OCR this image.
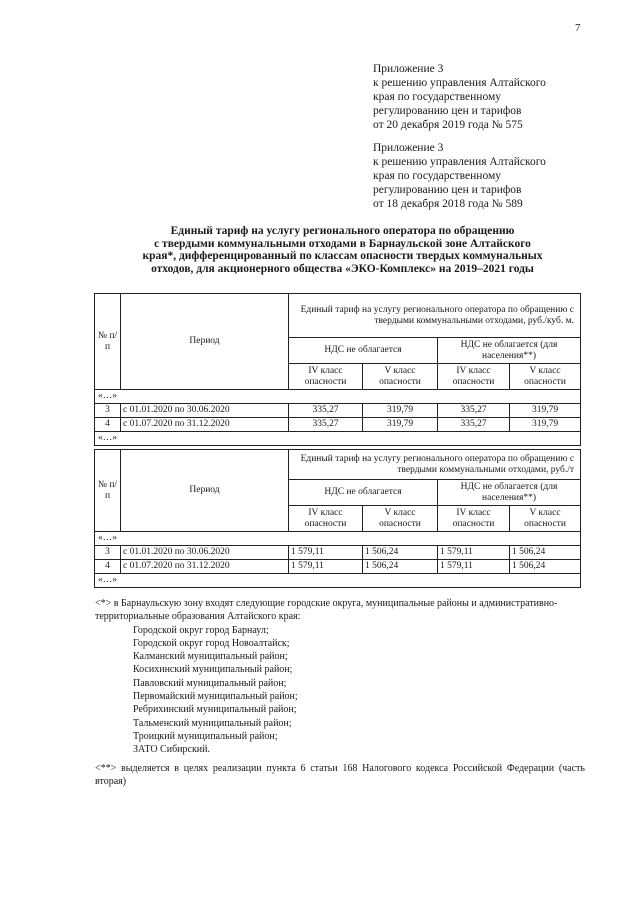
7
Приложение 3
к решению управления Алтайского
края по государственному
регулированию цен и тарифов
от 20 декабря 2019 года № 575
Приложение 3
к решению управления Алтайского
края по государственному
регулированию цен и тарифов
от 18 декабря 2018 года № 589
Единый тариф на услугу регионального оператора по обращению
с твердыми коммунальными отходами в Барнаульской зоне Алтайского
края*, дифференцированный по классам опасности твердых коммунальных
отходов, для акционерного общества «ЭКО-Комплекс» на 2019–2021 годы
№ п/п	Период	Единый тариф на услугу регионального оператора по обращению с твердыми коммунальными отходами, руб./куб. м.			
		НДС не облагается		НДС не облагается (для населения**)	
		IV класс опасности	V класс опасности	IV класс опасности	V класс опасности
«…»					
3	с 01.01.2020 по 30.06.2020	335,27	319,79	335,27	319,79
4	с 01.07.2020 по 31.12.2020	335,27	319,79	335,27	319,79
«…»					
№ п/п	Период	Единый тариф на услугу регионального оператора по обращению с твердыми коммунальными отходами, руб./т			
		НДС не облагается		НДС не облагается (для населения**)	
		IV класс опасности	V класс опасности	IV класс опасности	V класс опасности
«…»					
3	с 01.01.2020 по 30.06.2020	1 579,11	1 506,24	1 579,11	1 506,24
4	с 01.07.2020 по 31.12.2020	1 579,11	1 506,24	1 579,11	1 506,24
«…»					
<*> в Барнаульскую зону входят следующие городские округа, муниципальные районы и административно-территориальные образования Алтайского края:
Городской округ город Барнаул;
Городской округ город Новоалтайск;
Калманский муниципальный район;
Косихинский муниципальный район;
Павловский муниципальный район;
Первомайский муниципальный район;
Ребрихинский муниципальный район;
Тальменский муниципальный район;
Троицкий муниципальный район;
ЗАТО Сибирский.
<**> выделяется в целях реализации пункта 6 статьи 168 Налогового кодекса Российской Федерации (часть вторая)
